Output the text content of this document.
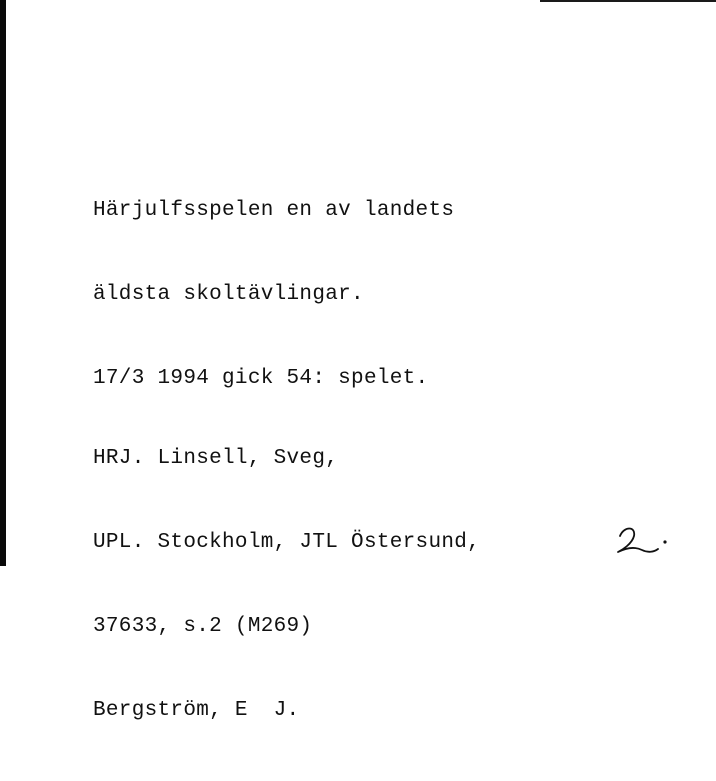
Härjulfsspelen en av landets

äldsta skoltävlingar.

17/3 1994 gick 54: spelet.

HRJ. Linsell, Sveg,

UPL. Stockholm, JTL Östersund,

37633, s.2 (M269)

Bergström, E  J.
